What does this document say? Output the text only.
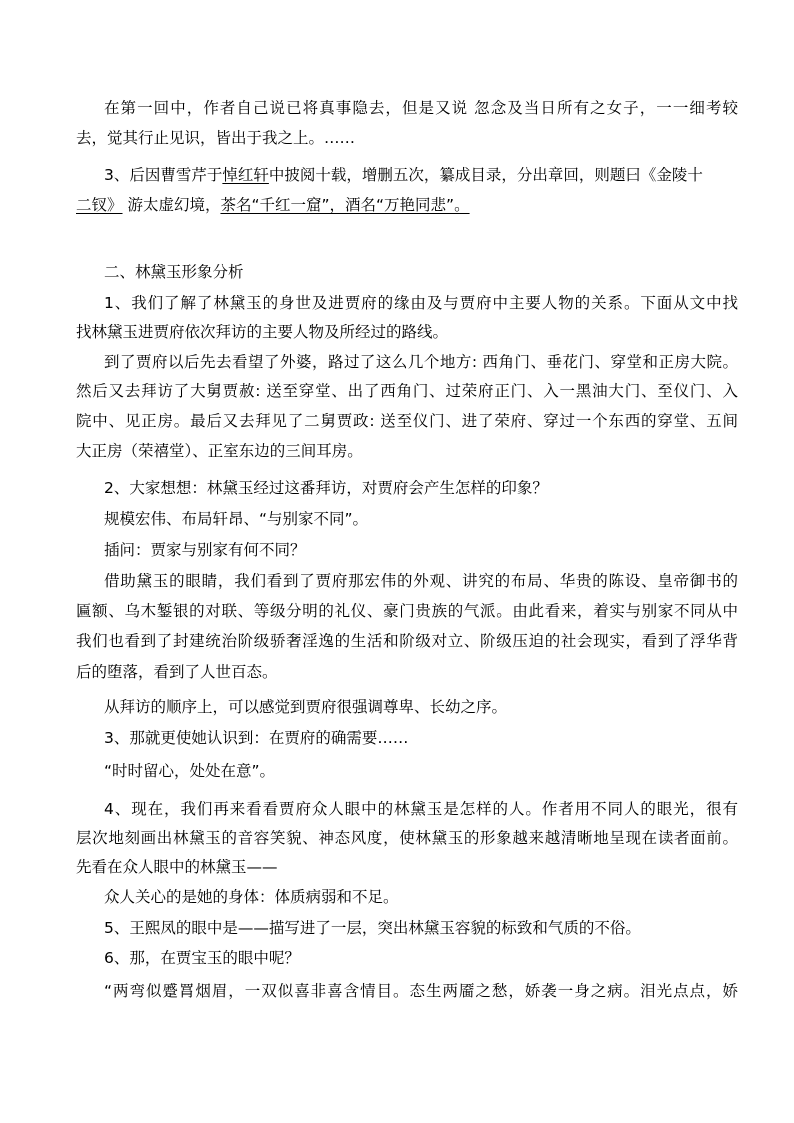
在第一回中，作者自己说已将真事隐去，但是又说 忽念及当日所有之女子，一一细考较
去，觉其行止见识，皆出于我之上。……
3、后因曹雪芹于悼红轩中披阅十载，增删五次，纂成目录，分出章回，则题曰《金陵十
二钗》 游太虚幻境，茶名“千红一窟”，酒名“万艳同悲”。
二、林黛玉形象分析
1、我们了解了林黛玉的身世及进贾府的缘由及与贾府中主要人物的关系。下面从文中找
找林黛玉进贾府依次拜访的主要人物及所经过的路线。
到了贾府以后先去看望了外婆，路过了这么几个地方: 西角门、垂花门、穿堂和正房大院。
然后又去拜访了大舅贾赦: 送至穿堂、出了西角门、过荣府正门、入一黑油大门、至仪门、入
院中、见正房。最后又去拜见了二舅贾政: 送至仪门、进了荣府、穿过一个东西的穿堂、五间
大正房（荣禧堂）、正室东边的三间耳房。
2、大家想想：林黛玉经过这番拜访，对贾府会产生怎样的印象？
规模宏伟、布局轩昂、“与别家不同”。
插问：贾家与别家有何不同？
借助黛玉的眼睛，我们看到了贾府那宏伟的外观、讲究的布局、华贵的陈设、皇帝御书的
匾额、乌木錾银的对联、等级分明的礼仪、豪门贵族的气派。由此看来，着实与别家不同从中
我们也看到了封建统治阶级骄奢淫逸的生活和阶级对立、阶级压迫的社会现实，看到了浮华背
后的堕落，看到了人世百态。
从拜访的顺序上，可以感觉到贾府很强调尊卑、长幼之序。
3、那就更使她认识到：在贾府的确需要……
“时时留心，处处在意”。
4、现在，我们再来看看贾府众人眼中的林黛玉是怎样的人。作者用不同人的眼光，很有
层次地刻画出林黛玉的音容笑貌、神态风度，使林黛玉的形象越来越清晰地呈现在读者面前。
先看在众人眼中的林黛玉——
众人关心的是她的身体：体质病弱和不足。
5、王熙凤的眼中是——描写进了一层，突出林黛玉容貌的标致和气质的不俗。
6、那，在贾宝玉的眼中呢？
“两弯似蹙罥烟眉，一双似喜非喜含情目。态生两靥之愁，娇袭一身之病。泪光点点，娇
